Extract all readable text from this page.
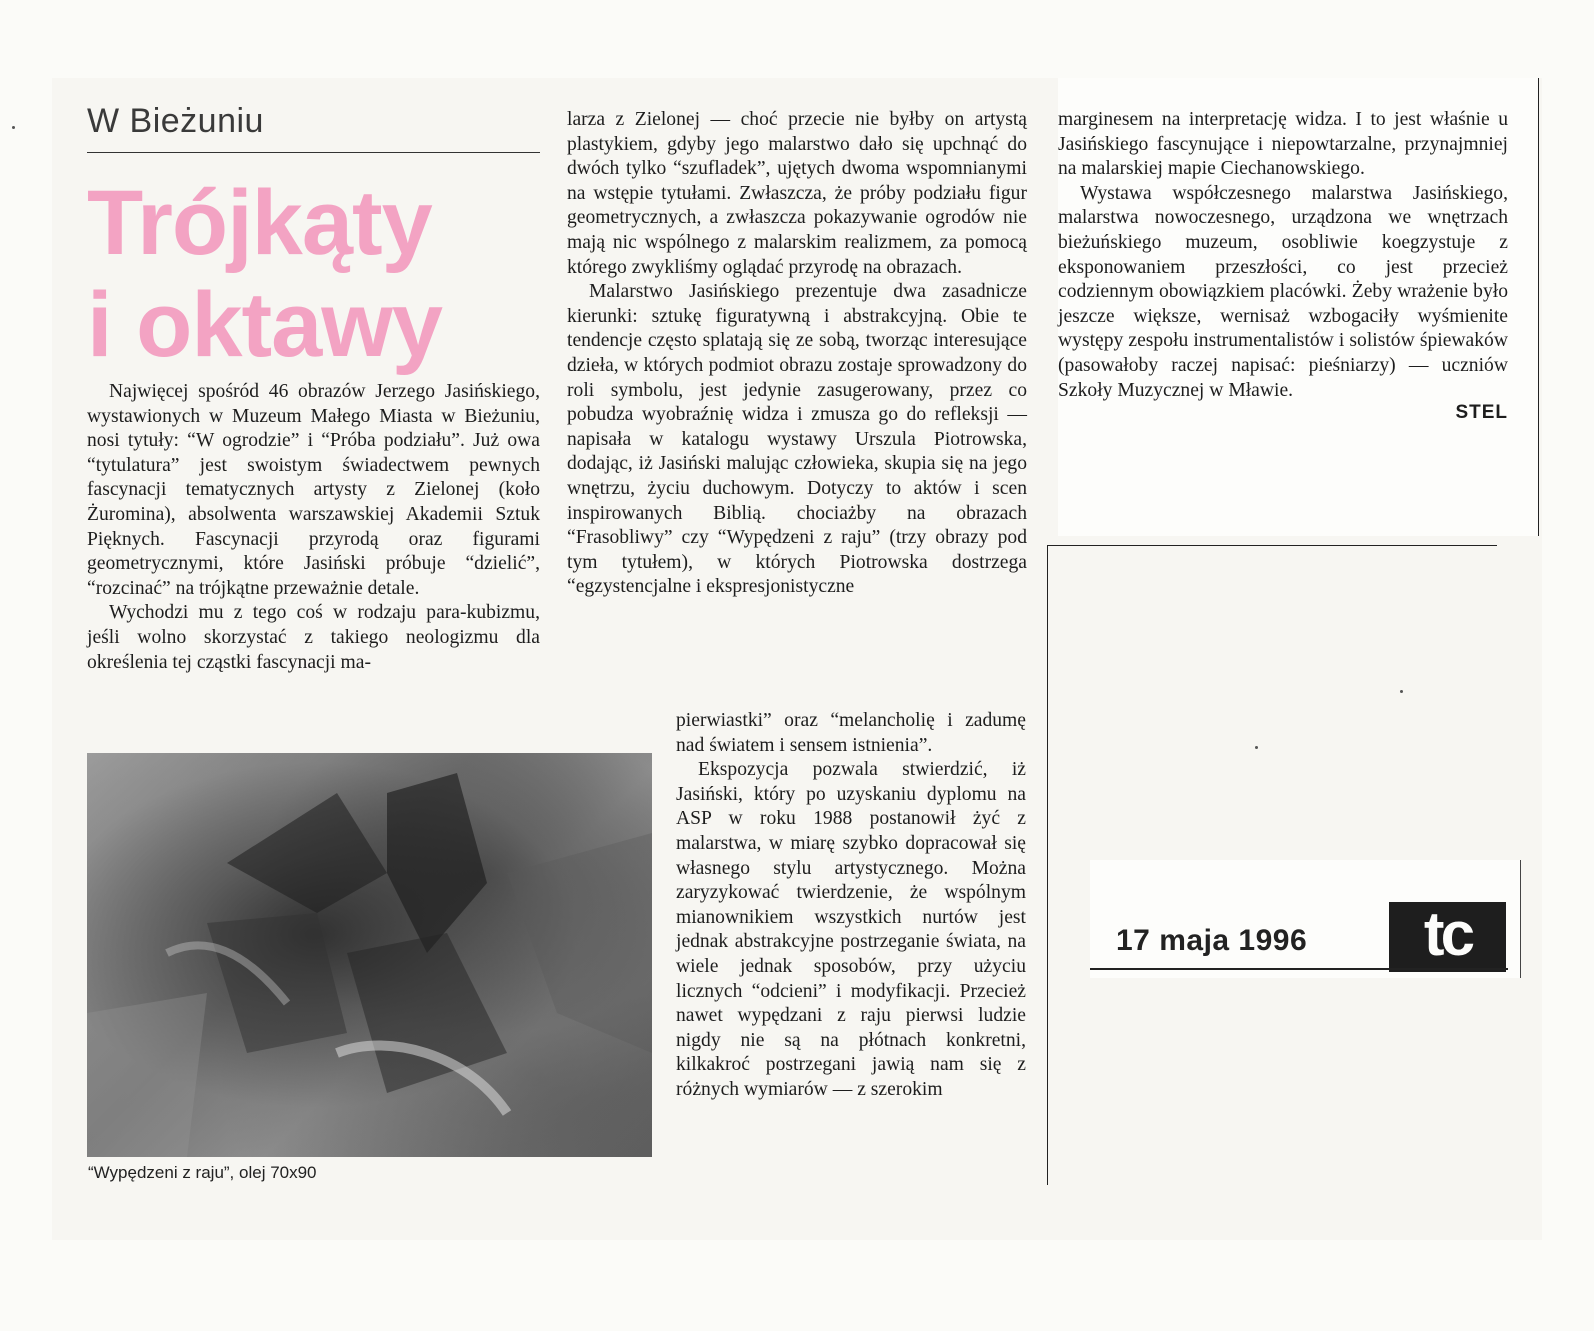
W Bieżuniu
Trójkąty
i oktawy

Najwięcej spośród 46 obrazów Jerzego Jasińskiego, wystawionych w Muzeum Małego Miasta w Bieżuniu, nosi tytuły: “W ogrodzie” i “Próba podziału”. Już owa “tytulatura” jest swoistym świadectwem pewnych fascynacji tematycznych artysty z Zielonej (koło Żuromina), absolwenta warszawskiej Akademii Sztuk Pięknych. Fascynacji przyrodą oraz figurami geometrycznymi, które Jasiński próbuje “dzielić”, “rozcinać” na trójkątne przeważnie detale.

Wychodzi mu z tego coś w rodzaju para-kubizmu, jeśli wolno skorzystać z takiego neologizmu dla określenia tej cząstki fascynacji ma-

larza z Zielonej — choć przecie nie byłby on artystą plastykiem, gdyby jego malarstwo dało się upchnąć do dwóch tylko “szufladek”, ujętych dwoma wspomnianymi na wstępie tytułami. Zwłaszcza, że próby podziału figur geometrycznych, a zwłaszcza pokazywanie ogrodów nie mają nic wspólnego z malarskim realizmem, za pomocą którego zwykliśmy oglądać przyrodę na obrazach.

Malarstwo Jasińskiego prezentuje dwa zasadnicze kierunki: sztukę figuratywną i abstrakcyjną. Obie te tendencje często splatają się ze sobą, tworząc interesujące dzieła, w których podmiot obrazu zostaje sprowadzony do roli symbolu, jest jedynie zasugerowany, przez co pobudza wyobraźnię widza i zmusza go do refleksji — napisała w katalogu wystawy Urszula Piotrowska, dodając, iż Jasiński malując człowieka, skupia się na jego wnętrzu, życiu duchowym. Dotyczy to aktów i scen inspirowanych Biblią. chociażby na obrazach “Frasobliwy” czy “Wypędzeni z raju” (trzy obrazy pod tym tytułem), w których Piotrowska dostrzega “egzystencjalne i ekspresjonistyczne

pierwiastki” oraz “melancholię i zadumę nad światem i sensem istnienia”.

Ekspozycja pozwala stwierdzić, iż Jasiński, który po uzyskaniu dyplomu na ASP w roku 1988 postanowił żyć z malarstwa, w miarę szybko dopracował się własnego stylu artystycznego. Można zaryzykować twierdzenie, że wspólnym mianownikiem wszystkich nurtów jest jednak abstrakcyjne postrzeganie świata, na wiele jednak sposobów, przy użyciu licznych “odcieni” i modyfikacji. Przecież nawet wypędzani z raju pierwsi ludzie nigdy nie są na płótnach konkretni, kilkakroć postrzegani jawią nam się z różnych wymiarów — z szerokim

marginesem na interpretację widza. I to jest właśnie u Jasińskiego fascynujące i niepowtarzalne, przynajmniej na malarskiej mapie Ciechanowskiego.

Wystawa współczesnego malarstwa Jasińskiego, malarstwa nowoczesnego, urządzona we wnętrzach bieżuńskiego muzeum, osobliwie koegzystuje z eksponowaniem przeszłości, co jest przecież codziennym obowiązkiem placówki. Żeby wrażenie było jeszcze większe, wernisaż wzbogaciły wyśmienite występy zespołu instrumentalistów i solistów śpiewaków (pasowałoby raczej napisać: pieśniarzy) — uczniów Szkoły Muzycznej w Mławie.

STEL
“Wypędzeni z raju”, olej 70x90
17 maja 1996	tc
